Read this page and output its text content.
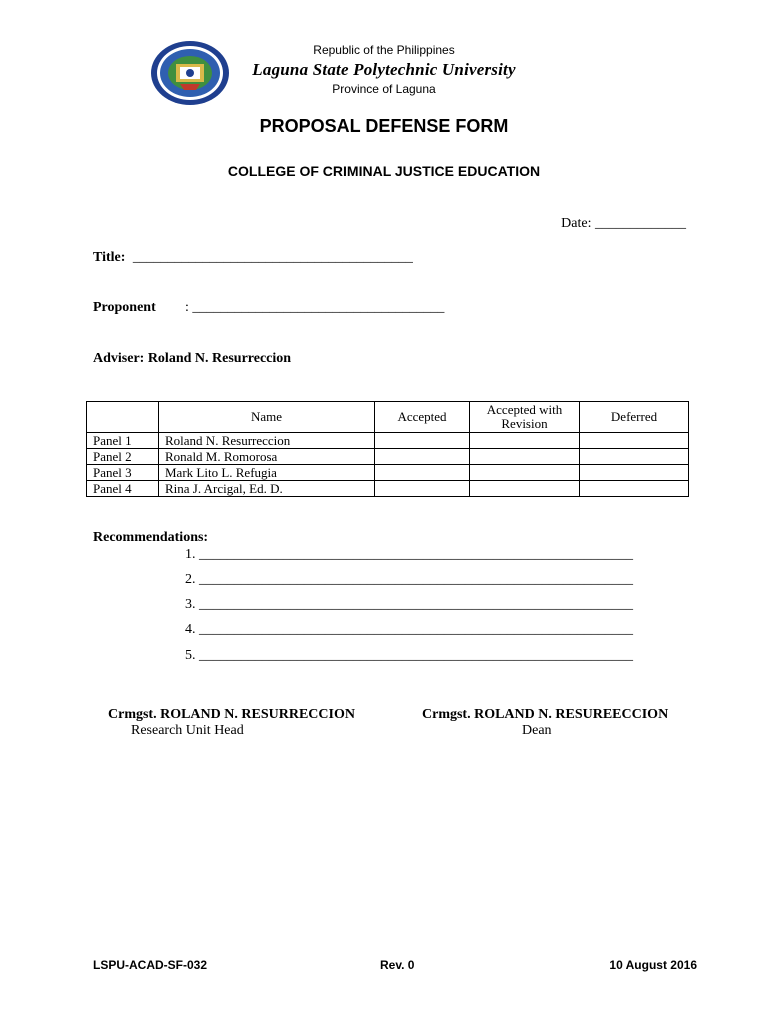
Republic of the Philippines
Laguna State Polytechnic University
Province of Laguna
PROPOSAL DEFENSE FORM
COLLEGE OF CRIMINAL JUSTICE EDUCATION
Date: _____________
Title: ________________________________________
Proponent : ____________________________________
Adviser: Roland N. Resurreccion
	Name	Accepted	Accepted with Revision	Deferred
Panel 1	Roland N. Resurreccion			
Panel 2	Ronald M. Romorosa			
Panel 3	Mark Lito L. Refugia			
Panel 4	Rina J. Arcigal, Ed. D.			
Recommendations:
1. ______________________________________________________________
2. ______________________________________________________________
3. ______________________________________________________________
4. ______________________________________________________________
5. ______________________________________________________________
Crmgst. ROLAND N. RESURRECCION
Research Unit Head
Crmgst. ROLAND N. RESUREECCION
Dean
LSPU-ACAD-SF-032	Rev. 0	10 August 2016
